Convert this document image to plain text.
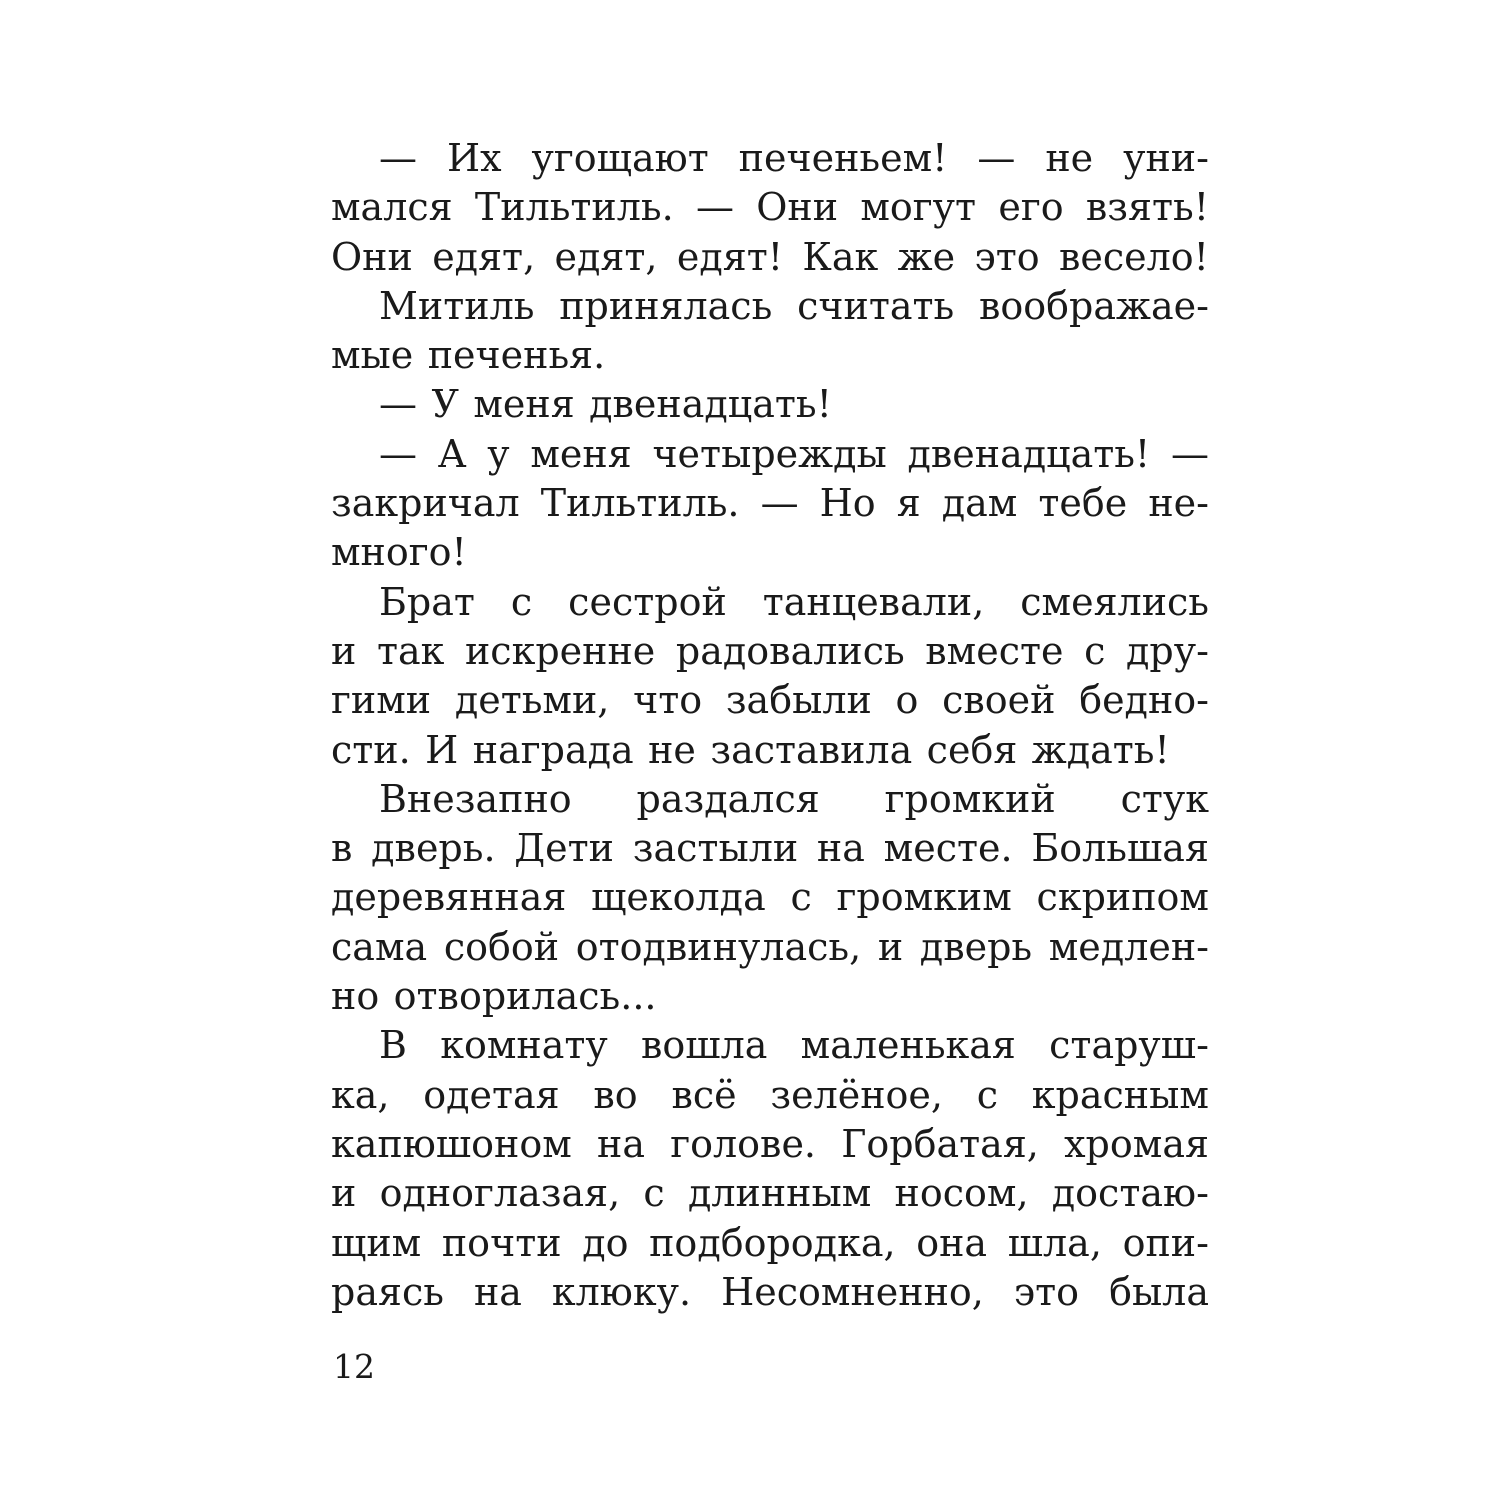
— Их угощают печеньем! — не уни-
мался Тильтиль. — Они могут его взять!
Они едят, едят, едят! Как же это весело!
Митиль принялась считать воображае-
мые печенья.
— У меня двенадцать!
— А у меня четырежды двенадцать! —
закричал Тильтиль. — Но я дам тебе не-
много!
Брат с сестрой танцевали, смеялись
и так искренне радовались вместе с дру-
гими детьми, что забыли о своей бедно-
сти. И награда не заставила себя ждать!
Внезапно раздался громкий стук
в дверь. Дети застыли на месте. Большая
деревянная щеколда с громким скрипом
сама собой отодвинулась, и дверь медлен-
но отворилась...
В комнату вошла маленькая старуш-
ка, одетая во всё зелёное, с красным
капюшоном на голове. Горбатая, хромая
и одноглазая, с длинным носом, достаю-
щим почти до подбородка, она шла, опи-
раясь на клюку. Несомненно, это была
12
